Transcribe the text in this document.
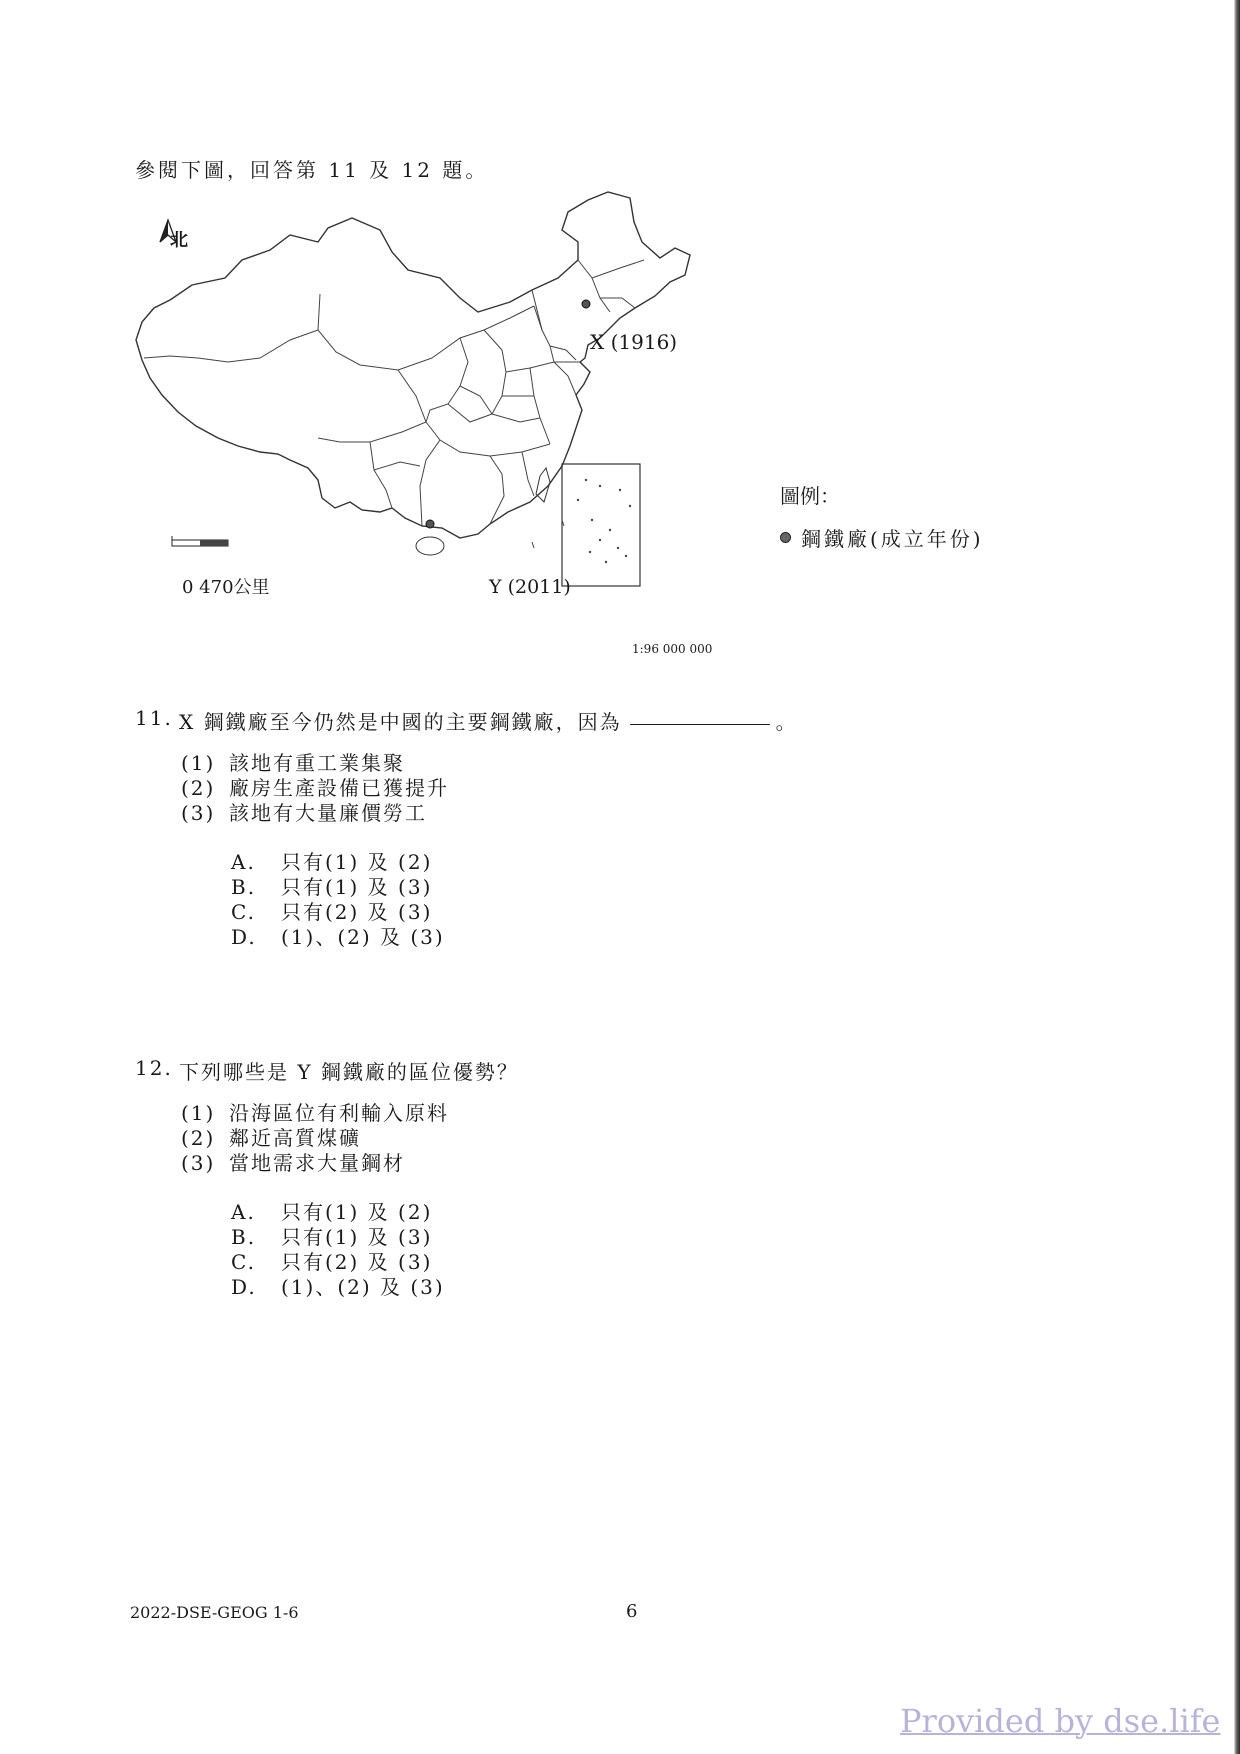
參閱下圖，回答第 11 及 12 題。
北
X (1916)
Y (2011)
0 470公里
1:96 000 000
圖例：
鋼鐵廠(成立年份)
11. X 鋼鐵廠至今仍然是中國的主要鋼鐵廠，因為	。
(1) 該地有重工業集聚
(2) 廠房生產設備已獲提升
(3) 該地有大量廉價勞工
A.	只有(1) 及 (2)
B.	只有(1) 及 (3)
C.	只有(2) 及 (3)
D.	(1)、(2) 及 (3)
12. 下列哪些是 Y 鋼鐵廠的區位優勢？
(1) 沿海區位有利輸入原料
(2) 鄰近高質煤礦
(3) 當地需求大量鋼材
A.	只有(1) 及 (2)
B.	只有(1) 及 (3)
C.	只有(2) 及 (3)
D.	(1)、(2) 及 (3)
2022-DSE-GEOG 1-6	6
Provided by dse.life
